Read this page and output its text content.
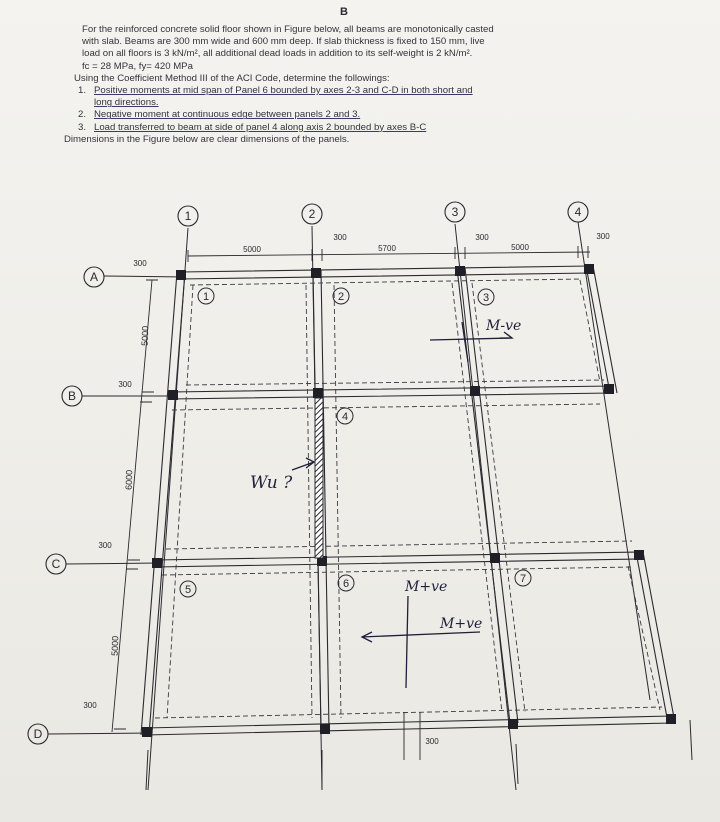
B

For the reinforced concrete solid floor shown in Figure below, all beams are monotonically casted

with slab. Beams are 300 mm wide and 600 mm deep. If slab thickness is fixed to 150 mm, live

load on all floors is 3 kN/m², all additional dead loads in addition to its self-weight is 2 kN/m².

fc = 28 MPa, fy= 420 MPa

Using the Coefficient Method III of the ACI Code, determine the followings:

1. Positive moments at mid span of Panel 6 bounded by axes 2-3 and C-D in both short and
long directions.
2. Negative moment at continuous edge between panels 2 and 3.
3. Load transferred to beam at side of panel 4 along axis 2 bounded by axes B-C

Dimensions in the Figure below are clear dimensions of the panels.

1	2	3	4
A
B
C
D
1	2	3
4
5	6	7
5000	5700	5000
300	300	300
300
300
300
300
5000
6000
5000
300
M-ve
Wu ?
M+ve
M+ve
